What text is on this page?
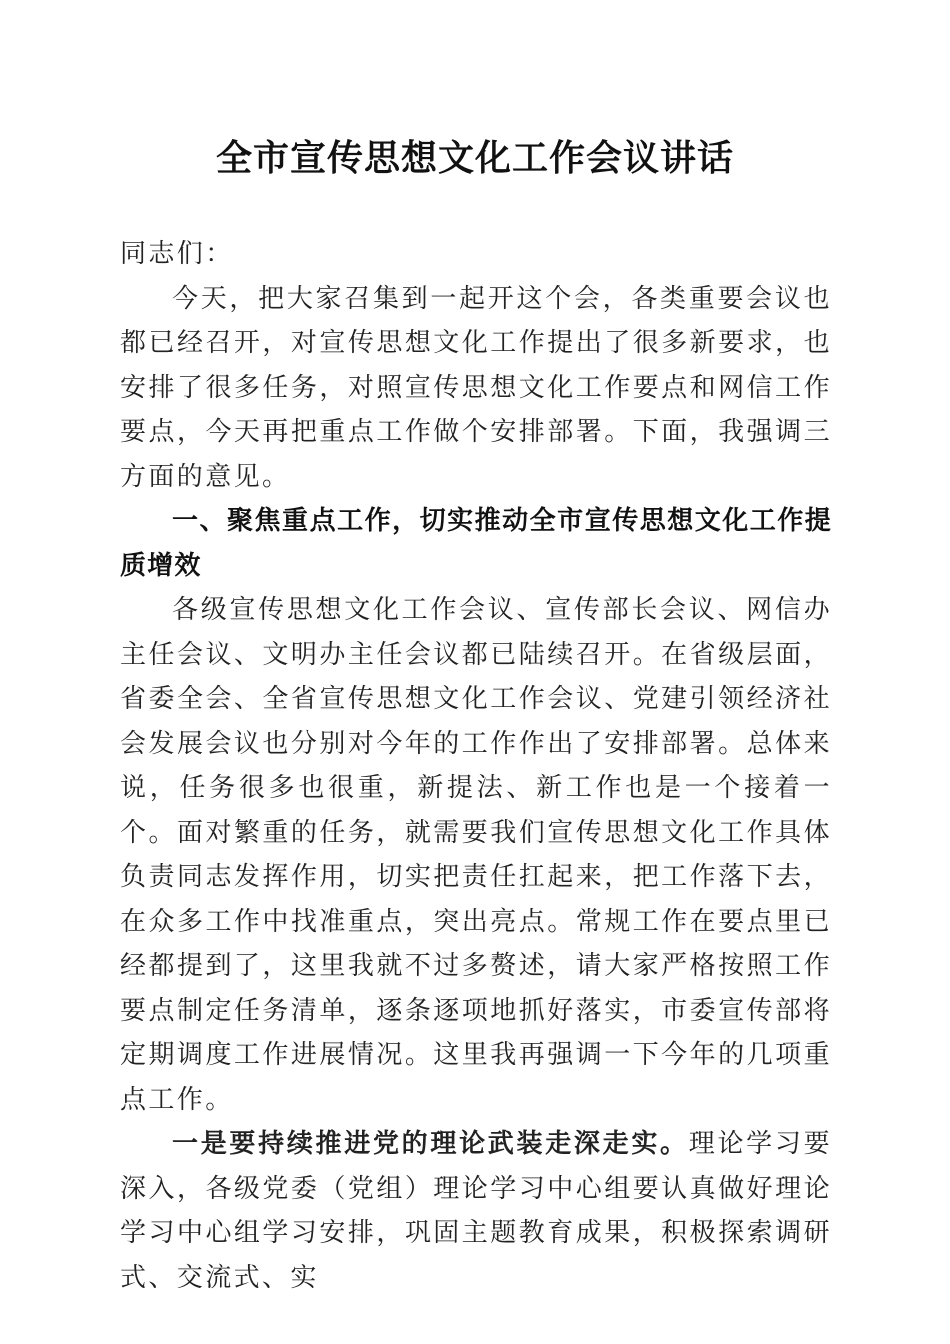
全市宣传思想文化工作会议讲话

同志们：

今天，把大家召集到一起开这个会，各类重要会议也都已经召开，对宣传思想文化工作提出了很多新要求，也安排了很多任务，对照宣传思想文化工作要点和网信工作要点，今天再把重点工作做个安排部署。下面，我强调三方面的意见。

一、聚焦重点工作，切实推动全市宣传思想文化工作提质增效

各级宣传思想文化工作会议、宣传部长会议、网信办主任会议、文明办主任会议都已陆续召开。在省级层面，省委全会、全省宣传思想文化工作会议、党建引领经济社会发展会议也分别对今年的工作作出了安排部署。总体来说，任务很多也很重，新提法、新工作也是一个接着一个。面对繁重的任务，就需要我们宣传思想文化工作具体负责同志发挥作用，切实把责任扛起来，把工作落下去，在众多工作中找准重点，突出亮点。常规工作在要点里已经都提到了，这里我就不过多赘述，请大家严格按照工作要点制定任务清单，逐条逐项地抓好落实，市委宣传部将定期调度工作进展情况。这里我再强调一下今年的几项重点工作。

一是要持续推进党的理论武装走深走实。理论学习要深入，各级党委（党组）理论学习中心组要认真做好理论学习中心组学习安排，巩固主题教育成果，积极探索调研式、交流式、实
